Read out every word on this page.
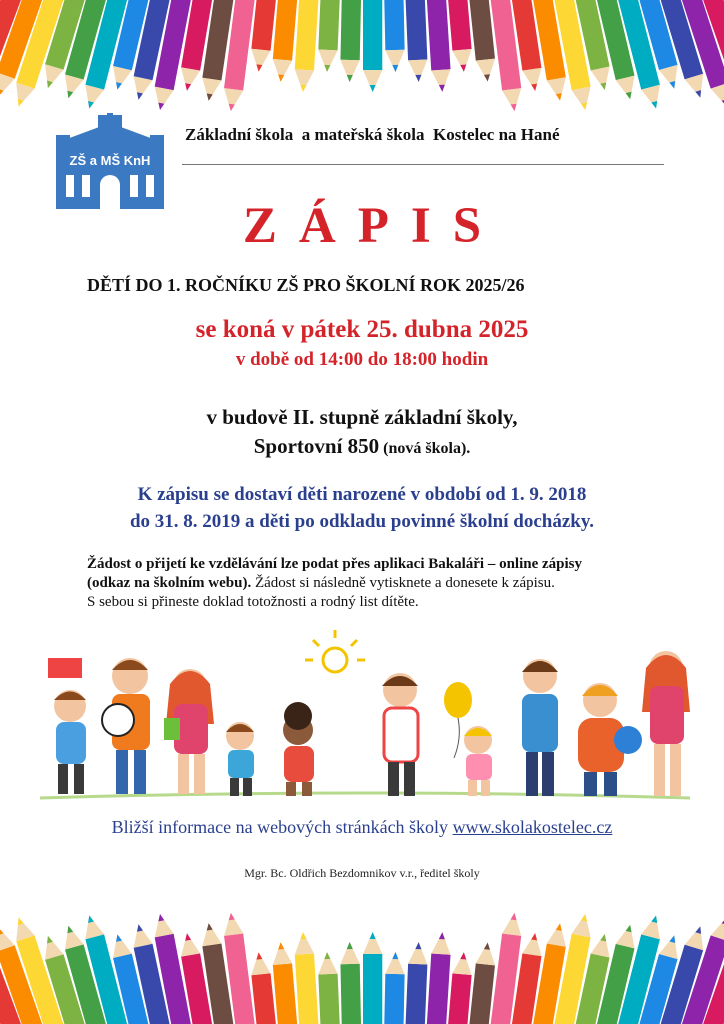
ZŠ a MŠ KnH
Základní škola  a mateřská škola  Kostelec na Hané
ZÁPIS
DĚTÍ DO 1. ROČNÍKU ZŠ PRO ŠKOLNÍ ROK 2025/26
se koná v pátek 25. dubna 2025
v době od 14:00 do 18:00 hodin
v budově II. stupně základní školy,
Sportovní 850 (nová škola).
K zápisu se dostaví děti narozené v období od 1. 9. 2018
do 31. 8. 2019 a děti po odkladu povinné školní docházky.
Žádost o přijetí ke vzdělávání lze podat přes aplikaci Bakaláři – online zápisy
(odkaz na školním webu). Žádost si následně vytisknete a donesete k zápisu.
S sebou si přineste doklad totožnosti a rodný list dítěte.
Bližší informace na webových stránkách školy www.skolakostelec.cz
Mgr. Bc. Oldřich Bezdomnikov v.r., ředitel školy
